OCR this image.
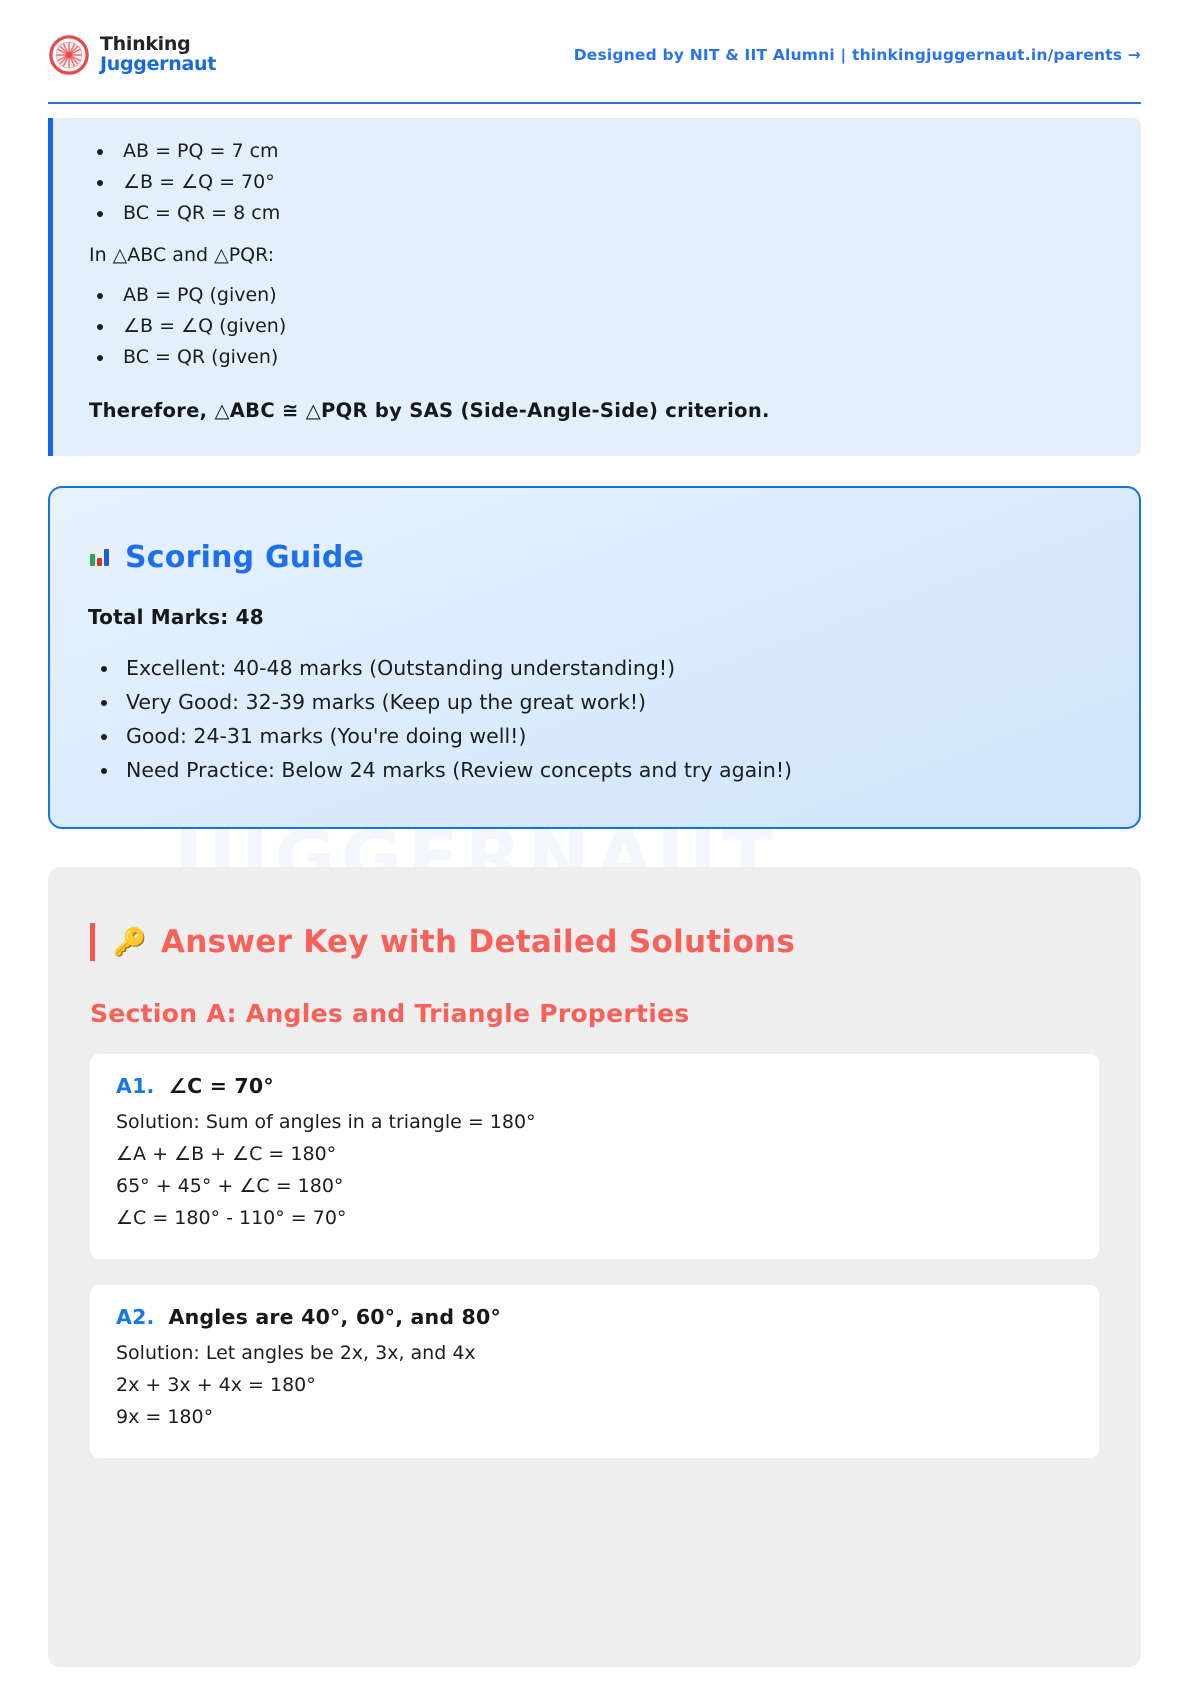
JUGGERNAUT
Thinking
Juggernaut	Designed by NIT & IIT Alumni | thinkingjuggernaut.in/parents →
• AB = PQ = 7 cm
• ∠B = ∠Q = 70°
• BC = QR = 8 cm
In △ABC and △PQR:
• AB = PQ (given)
• ∠B = ∠Q (given)
• BC = QR (given)
Therefore, △ABC ≅ △PQR by SAS (Side-Angle-Side) criterion.
Scoring Guide
Total Marks: 48
• Excellent: 40-48 marks (Outstanding understanding!)
• Very Good: 32-39 marks (Keep up the great work!)
• Good: 24-31 marks (You're doing well!)
• Need Practice: Below 24 marks (Review concepts and try again!)
🔑 Answer Key with Detailed Solutions
Section A: Angles and Triangle Properties
A1. ∠C = 70°
Solution: Sum of angles in a triangle = 180°
∠A + ∠B + ∠C = 180°
65° + 45° + ∠C = 180°
∠C = 180° - 110° = 70°
A2. Angles are 40°, 60°, and 80°
Solution: Let angles be 2x, 3x, and 4x
2x + 3x + 4x = 180°
9x = 180°
